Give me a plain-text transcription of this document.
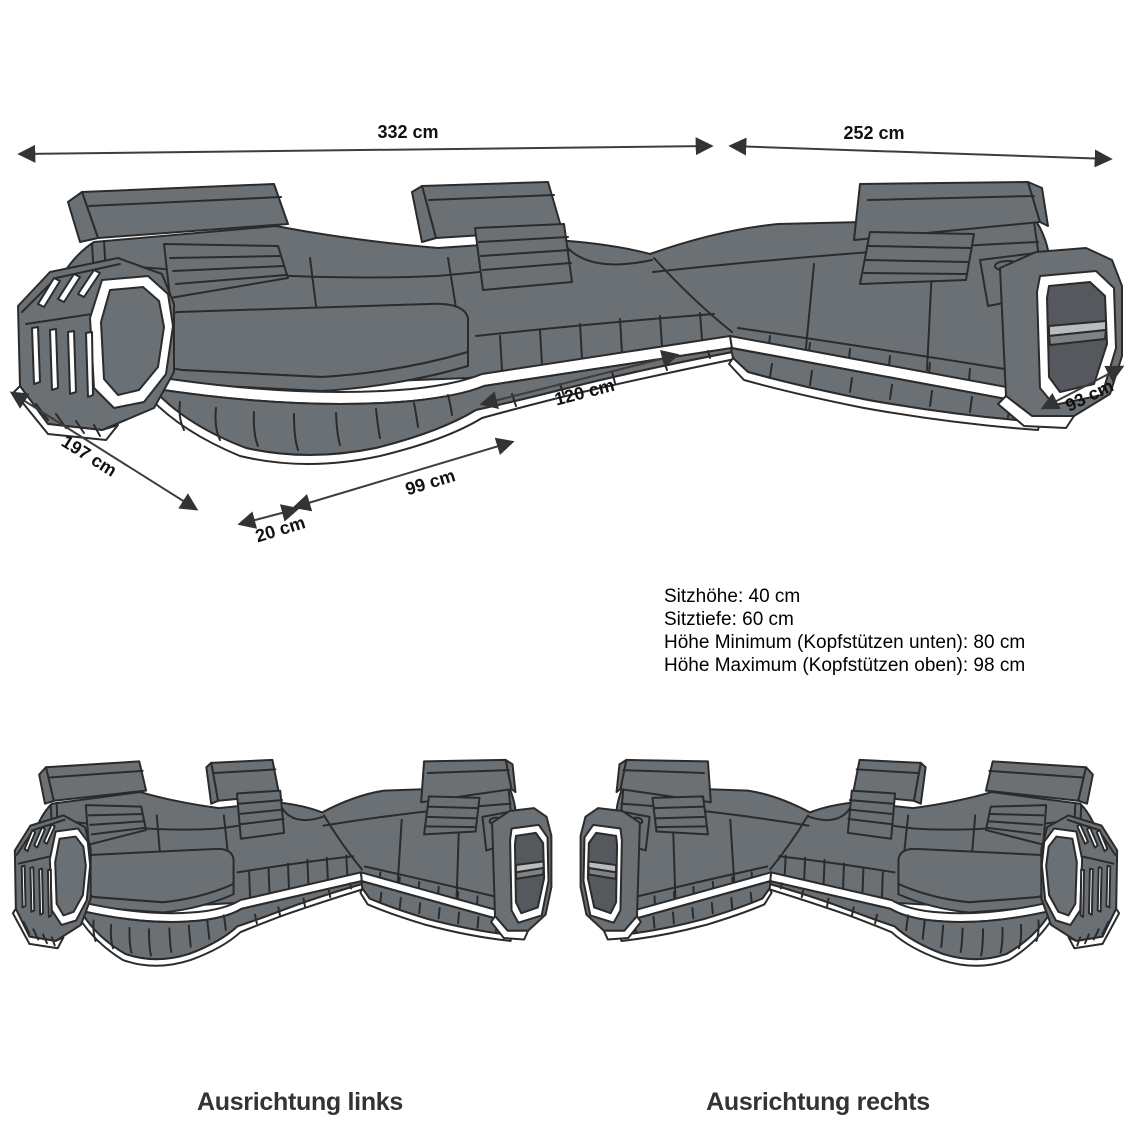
332 cm	252 cm
120 cm	93 cm
197 cm
99 cm
20 cm
Sitzhöhe: 40 cm
Sitztiefe: 60 cm
Höhe Minimum (Kopfstützen unten): 80 cm
Höhe Maximum (Kopfstützen oben): 98 cm
Ausrichtung links	Ausrichtung rechts
